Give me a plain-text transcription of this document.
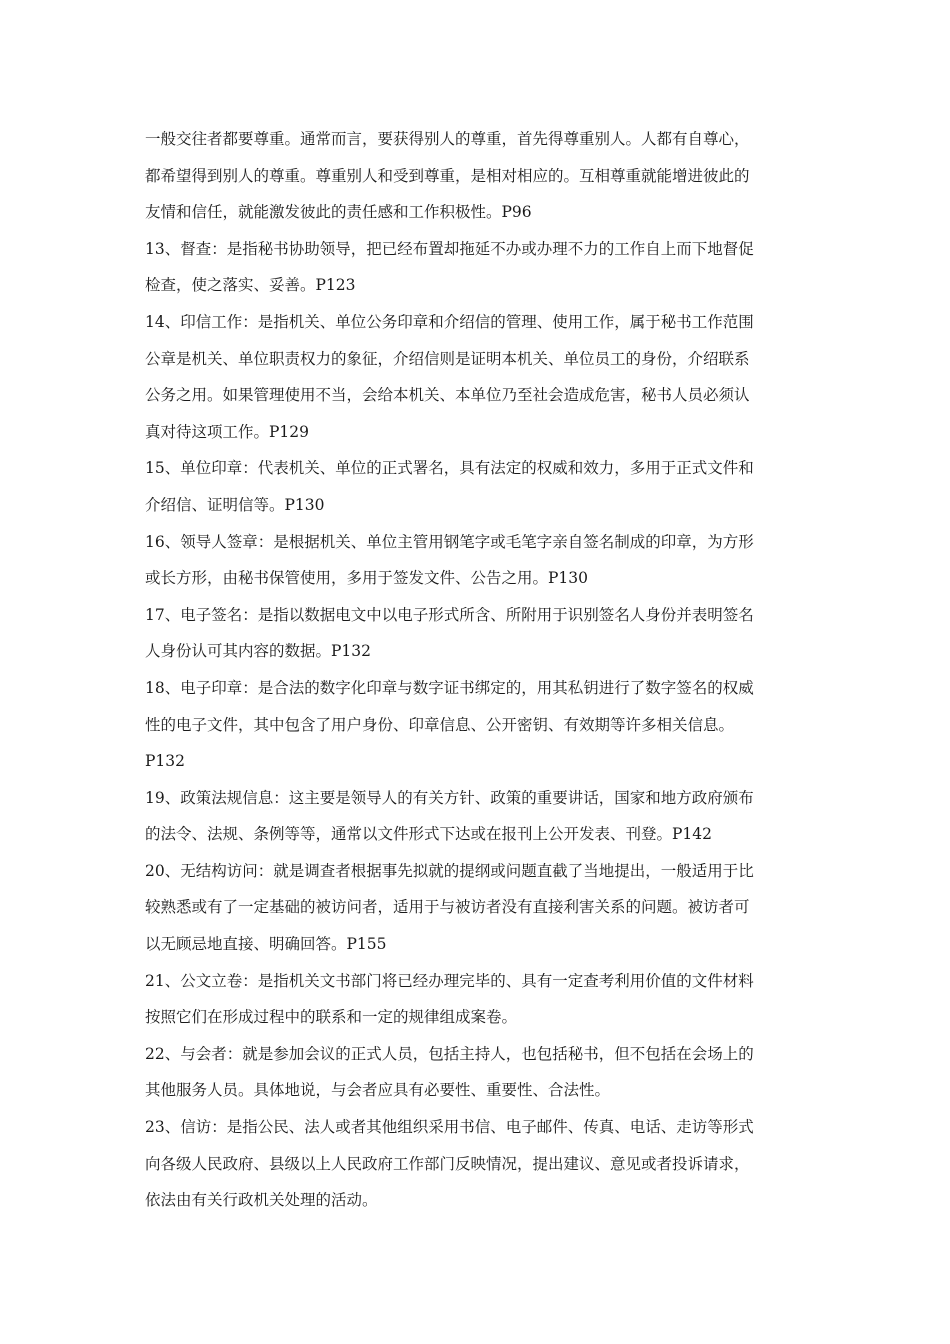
一般交往者都要尊重。通常而言，要获得别人的尊重，首先得尊重别人。人都有自尊心，
都希望得到别人的尊重。尊重别人和受到尊重，是相对相应的。互相尊重就能增进彼此的
友情和信任，就能激发彼此的责任感和工作积极性。P96
13、督查：是指秘书协助领导，把已经布置却拖延不办或办理不力的工作自上而下地督促
检查，使之落实、妥善。P123
14、印信工作：是指机关、单位公务印章和介绍信的管理、使用工作，属于秘书工作范围
公章是机关、单位职责权力的象征，介绍信则是证明本机关、单位员工的身份，介绍联系
公务之用。如果管理使用不当，会给本机关、本单位乃至社会造成危害，秘书人员必须认
真对待这项工作。P129
15、单位印章：代表机关、单位的正式署名，具有法定的权威和效力，多用于正式文件和
介绍信、证明信等。P130
16、领导人签章：是根据机关、单位主管用钢笔字或毛笔字亲自签名制成的印章，为方形
或长方形，由秘书保管使用，多用于签发文件、公告之用。P130
17、电子签名：是指以数据电文中以电子形式所含、所附用于识别签名人身份并表明签名
人身份认可其内容的数据。P132
18、电子印章：是合法的数字化印章与数字证书绑定的，用其私钥进行了数字签名的权威
性的电子文件，其中包含了用户身份、印章信息、公开密钥、有效期等许多相关信息。
P132
19、政策法规信息：这主要是领导人的有关方针、政策的重要讲话，国家和地方政府颁布
的法令、法规、条例等等，通常以文件形式下达或在报刊上公开发表、刊登。P142
20、无结构访问：就是调查者根据事先拟就的提纲或问题直截了当地提出，一般适用于比
较熟悉或有了一定基础的被访问者，适用于与被访者没有直接利害关系的问题。被访者可
以无顾忌地直接、明确回答。P155
21、公文立卷：是指机关文书部门将已经办理完毕的、具有一定查考利用价值的文件材料
按照它们在形成过程中的联系和一定的规律组成案卷。
22、与会者：就是参加会议的正式人员，包括主持人，也包括秘书，但不包括在会场上的
其他服务人员。具体地说，与会者应具有必要性、重要性、合法性。
23、信访：是指公民、法人或者其他组织采用书信、电子邮件、传真、电话、走访等形式
向各级人民政府、县级以上人民政府工作部门反映情况，提出建议、意见或者投诉请求，
依法由有关行政机关处理的活动。
